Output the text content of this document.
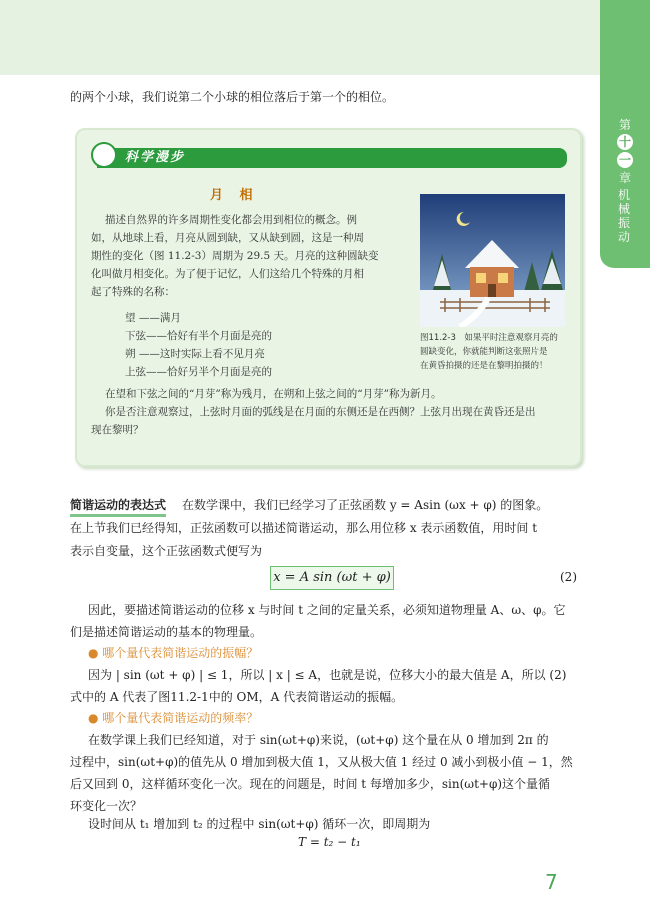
第
十
一
章
机械振动

的两个小球，我们说第二个小球的相位落后于第一个的相位。

科学漫步
月 相

描述自然界的许多周期性变化都会用到相位的概念。例

如，从地球上看，月亮从圆到缺，又从缺到圆，这是一种周

期性的变化（图 11.2-3）周期为 29.5 天。月亮的这种圆缺变

化叫做月相变化。为了便于记忆，人们这给几个特殊的月相

起了特殊的名称：

望 ——满月

下弦——恰好有半个月面是亮的

朔 ——这时实际上看不见月亮

上弦——恰好另半个月面是亮的

在望和下弦之间的“月芽”称为残月，在朔和上弦之间的“月芽”称为新月。

你是否注意观察过，上弦时月面的弧线是在月面的东侧还是在西侧？上弦月出现在黄昏还是出

现在黎明？

图11.2-3　如果平时注意观察月亮的

圆缺变化，你就能判断这张照片是

在黄昏拍摄的还是在黎明拍摄的！

简谐运动的表达式 在数学课中，我们已经学习了正弦函数 y = Asin (ωx + φ) 的图象。

在上节我们已经得知，正弦函数可以描述简谐运动，那么用位移 x 表示函数值，用时间 t

表示自变量，这个正弦函数式便写为

x = A sin (ωt + φ)	(2)

因此，要描述简谐运动的位移 x 与时间 t 之间的定量关系，必须知道物理量 A、ω、φ。它

们是描述简谐运动的基本的物理量。

● 哪个量代表简谐运动的振幅？

因为 | sin (ωt + φ) | ≤ 1，所以 | x | ≤ A，也就是说，位移大小的最大值是 A，所以 (2)

式中的 A 代表了图11.2-1中的 OM，A 代表简谐运动的振幅。

● 哪个量代表简谐运动的频率？

在数学课上我们已经知道，对于 sin(ωt+φ)来说，(ωt+φ) 这个量在从 0 增加到 2π 的

过程中，sin(ωt+φ)的值先从 0 增加到极大值 1，又从极大值 1 经过 0 减小到极小值 − 1，然

后又回到 0，这样循环变化一次。现在的问题是，时间 t 每增加多少，sin(ωt+φ)这个量循

环变化一次？

设时间从 t₁ 增加到 t₂ 的过程中 sin(ωt+φ) 循环一次，即周期为

T = t₂ − t₁
7
